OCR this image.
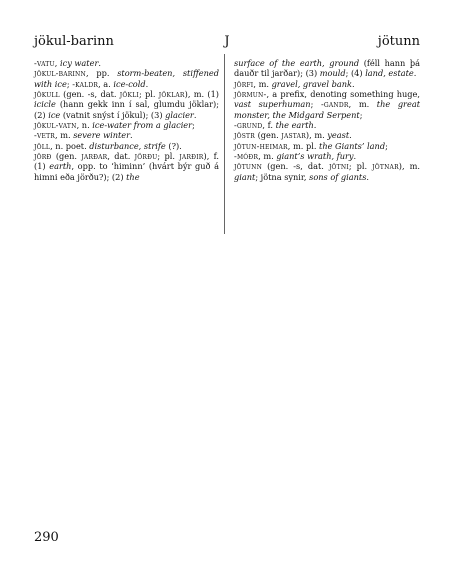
jökul-barinn	J	jötunn

-vatu, icy water.

jökul-barinn, pp. storm-beaten, stiffened with ice; -kaldr, a. ice-cold.

jökull (gen. -s, dat. jökli; pl. jöklar), m. (1) icicle (hann gekk inn í sal, glumdu jöklar); (2) ice (vatnit snýst í jökul); (3) glacier.

jökul-vatn, n. ice-water from a glacier;

-vetr, m. severe winter.

jöll, n. poet. disturbance, strife (?).

jörð (gen. jarðar, dat. jörðu; pl. jarðir), f. (1) earth, opp. to ‘himinn’ (hvárt býr guð á himni eða jörðu?); (2) the

surface of the earth, ground (féll hann þá dauðr til jarðar); (3) mould; (4) land, estate.

jörfi, m. gravel, gravel bank.

jörmun-, a prefix, denoting something huge, vast superhuman; -gandr, m. the great monster, the Midgard Serpent;

-grund, f. the earth.

jöstr (gen. jastar), m. yeast.

jötun-heimar, m. pl. the Giants’ land;

-móðr, m. giant’s wrath, fury.

jötunn (gen. -s, dat. jötni; pl. jötnar), m. giant; jötna synir, sons of giants.

290
